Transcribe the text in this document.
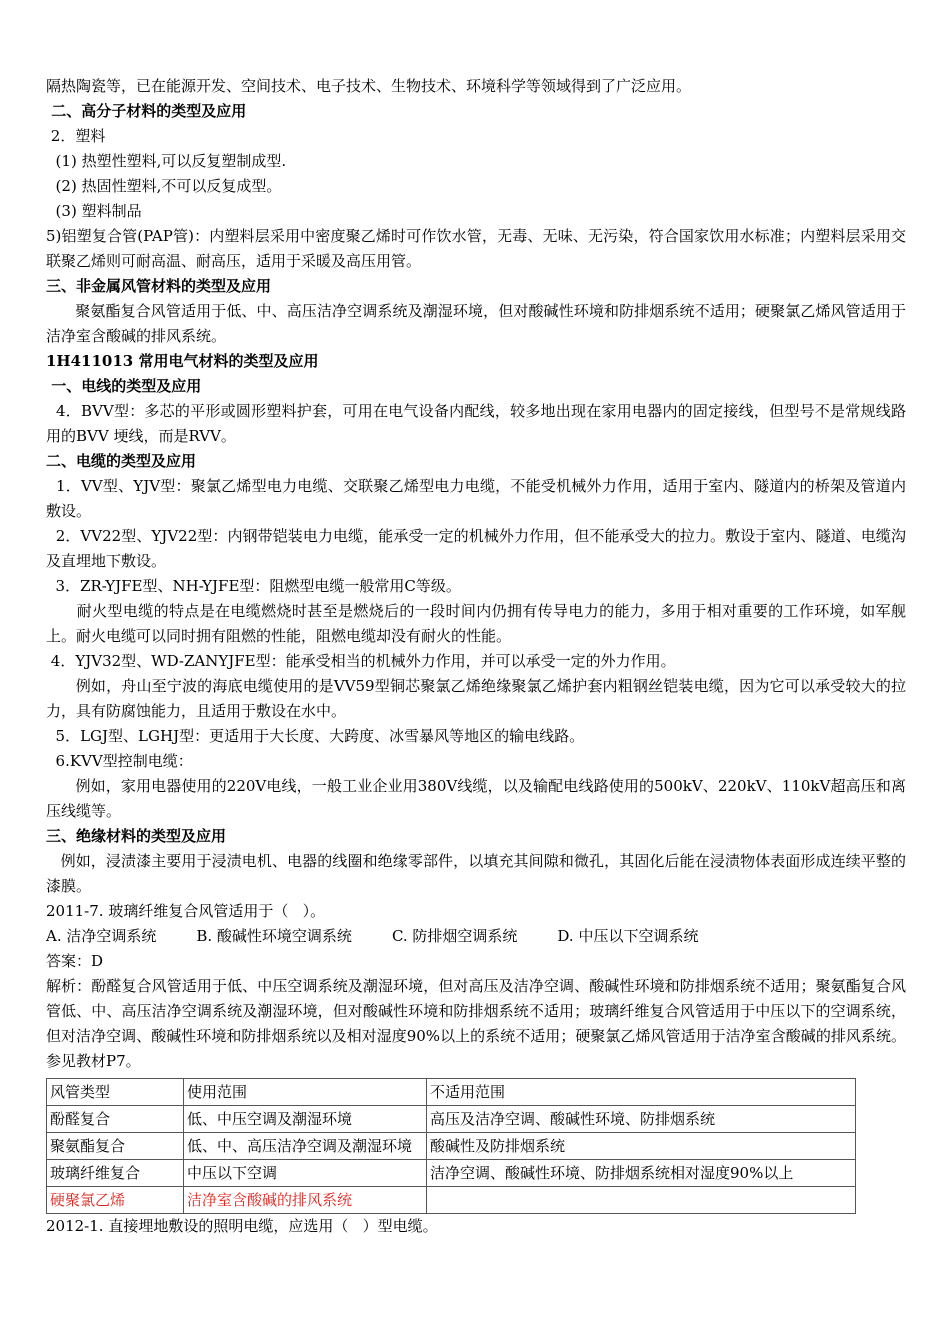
隔热陶瓷等，已在能源开发、空间技术、电子技术、生物技术、环境科学等领域得到了广泛应用。

二、高分子材料的类型及应用

2．塑料

(1) 热塑性塑料,可以反复塑制成型.

(2) 热固性塑料,不可以反复成型。

(3) 塑料制品

5)铝塑复合管(PAP管)：内塑料层采用中密度聚乙烯时可作饮水管，无毒、无味、无污染，符合国家饮用水标准；内塑料层采用交联聚乙烯则可耐高温、耐高压，适用于采暖及高压用管。

三、非金属风管材料的类型及应用

聚氨酯复合风管适用于低、中、高压洁净空调系统及潮湿环境，但对酸碱性环境和防排烟系统不适用；硬聚氯乙烯风管适用于洁净室含酸碱的排风系统。

1H411013 常用电气材料的类型及应用

一、电线的类型及应用

4．BVV型：多芯的平形或圆形塑料护套，可用在电气设备内配线，较多地出现在家用电器内的固定接线，但型号不是常规线路用的BVV 埂线，而是RVV。

二、电缆的类型及应用

1．VV型、YJV型：聚氯乙烯型电力电缆、交联聚乙烯型电力电缆，不能受机械外力作用，适用于室内、隧道内的桥架及管道内敷设。

2．VV22型、YJV22型：内钢带铠装电力电缆，能承受一定的机械外力作用，但不能承受大的拉力。敷设于室内、隧道、电缆沟及直埋地下敷设。

3．ZR-YJFE型、NH-YJFE型：阻燃型电缆一般常用C等级。

耐火型电缆的特点是在电缆燃烧时甚至是燃烧后的一段时间内仍拥有传导电力的能力，多用于相对重要的工作环境，如军舰上。耐火电缆可以同时拥有阻燃的性能，阻燃电缆却没有耐火的性能。

4．YJV32型、WD-ZANYJFE型：能承受相当的机械外力作用，并可以承受一定的外力作用。

例如，舟山至宁波的海底电缆使用的是VV59型铜芯聚氯乙烯绝缘聚氯乙烯护套内粗钢丝铠装电缆，因为它可以承受较大的拉力，具有防腐蚀能力，且适用于敷设在水中。

5．LGJ型、LGHJ型：更适用于大长度、大跨度、冰雪暴风等地区的输电线路。

6.KVV型控制电缆：

例如，家用电器使用的220V电线，一般工业企业用380V线缆，以及输配电线路使用的500kV、220kV、110kV超高压和离压线缆等。

三、绝缘材料的类型及应用

例如，浸渍漆主要用于浸渍电机、电器的线圈和绝缘零部件，以填充其间隙和微孔，其固化后能在浸渍物体表面形成连续平整的漆膜。

2011-7. 玻璃纤维复合风管适用于（   ）。

A. 洁净空调系统	B. 酸碱性环境空调系统	C. 防排烟空调系统	D. 中压以下空调系统

答案：D

解析：酚醛复合风管适用于低、中压空调系统及潮湿环境，但对高压及洁净空调、酸碱性环境和防排烟系统不适用；聚氨酯复合风管低、中、高压洁净空调系统及潮湿环境，但对酸碱性环境和防排烟系统不适用；玻璃纤维复合风管适用于中压以下的空调系统，但对洁净空调、酸碱性环境和防排烟系统以及相对湿度90%以上的系统不适用；硬聚氯乙烯风管适用于洁净室含酸碱的排风系统。参见教材P7。

风管类型	使用范围	不适用范围
酚醛复合	低、中压空调及潮湿环境	高压及洁净空调、酸碱性环境、防排烟系统
聚氨酯复合	低、中、高压洁净空调及潮湿环境	酸碱性及防排烟系统
玻璃纤维复合	中压以下空调	洁净空调、酸碱性环境、防排烟系统相对湿度90%以上
硬聚氯乙烯	洁净室含酸碱的排风系统	

2012-1. 直接埋地敷设的照明电缆，应选用（   ）型电缆。
